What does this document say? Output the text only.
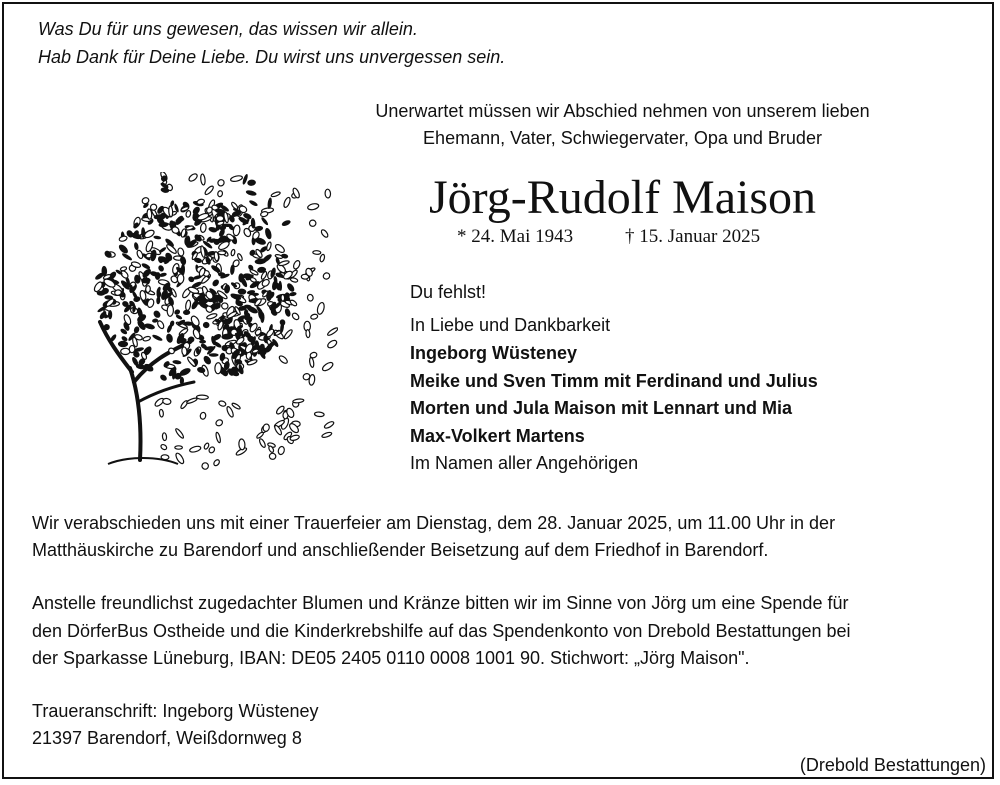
Was Du für uns gewesen, das wissen wir allein.
Hab Dank für Deine Liebe. Du wirst uns unvergessen sein.
Unerwartet müssen wir Abschied nehmen von unserem lieben
Ehemann, Vater, Schwiegervater, Opa und Bruder
Jörg-Rudolf Maison
* 24. Mai 1943	† 15. Januar 2025
Du fehlst!
In Liebe und Dankbarkeit
Ingeborg Wüsteney
Meike und Sven Timm mit Ferdinand und Julius
Morten und Jula Maison mit Lennart und Mia
Max-Volkert Martens
Im Namen aller Angehörigen
Wir verabschieden uns mit einer Trauerfeier am Dienstag, dem 28. Januar 2025, um 11.00 Uhr in der
Matthäuskirche zu Barendorf und anschließender Beisetzung auf dem Friedhof in Barendorf.
Anstelle freundlichst zugedachter Blumen und Kränze bitten wir im Sinne von Jörg um eine Spende für
den DörferBus Ostheide und die Kinderkrebshilfe auf das Spendenkonto von Drebold Bestattungen bei
der Sparkasse Lüneburg, IBAN: DE05 2405 0110 0008 1001 90. Stichwort: „Jörg Maison".
Traueranschrift: Ingeborg Wüsteney
21397 Barendorf, Weißdornweg 8
(Drebold Bestattungen)
